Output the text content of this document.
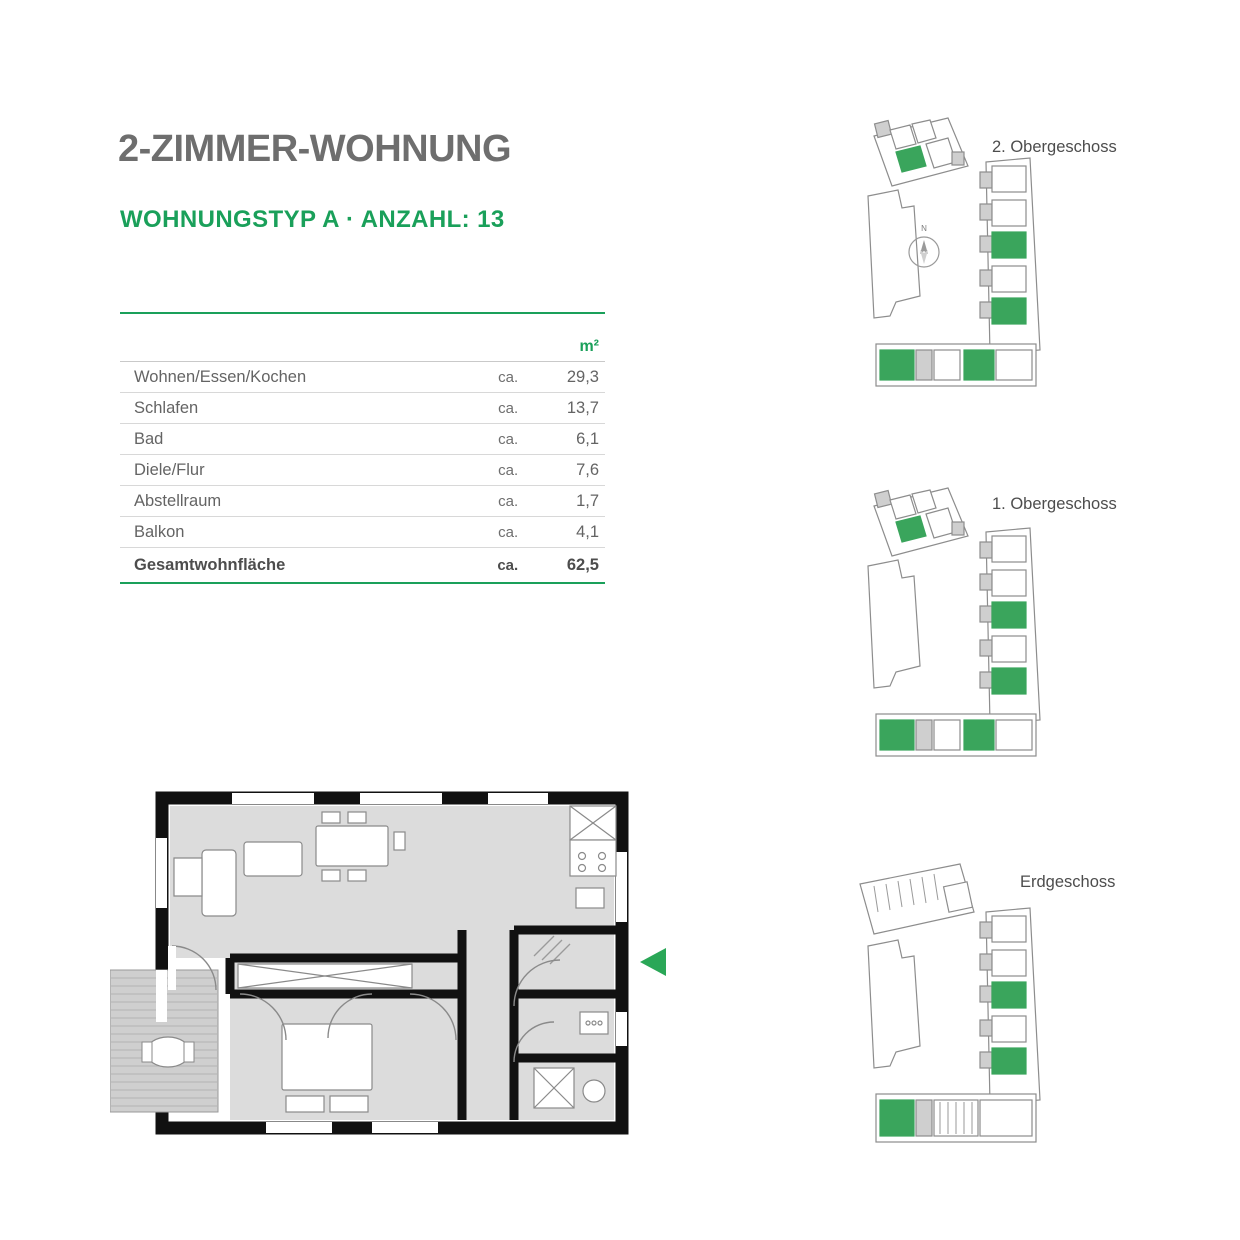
2-ZIMMER-WOHNUNG
WOHNUNGSTYP A · ANZAHL: 13
		m²
Wohnen/Essen/Kochen	ca.	29,3
Schlafen	ca.	13,7
Bad	ca.	6,1
Diele/Flur	ca.	7,6
Abstellraum	ca.	1,7
Balkon	ca.	4,1
Gesamtwohnfläche	ca.	62,5
2. Obergeschoss
N
1. Obergeschoss
Erdgeschoss
